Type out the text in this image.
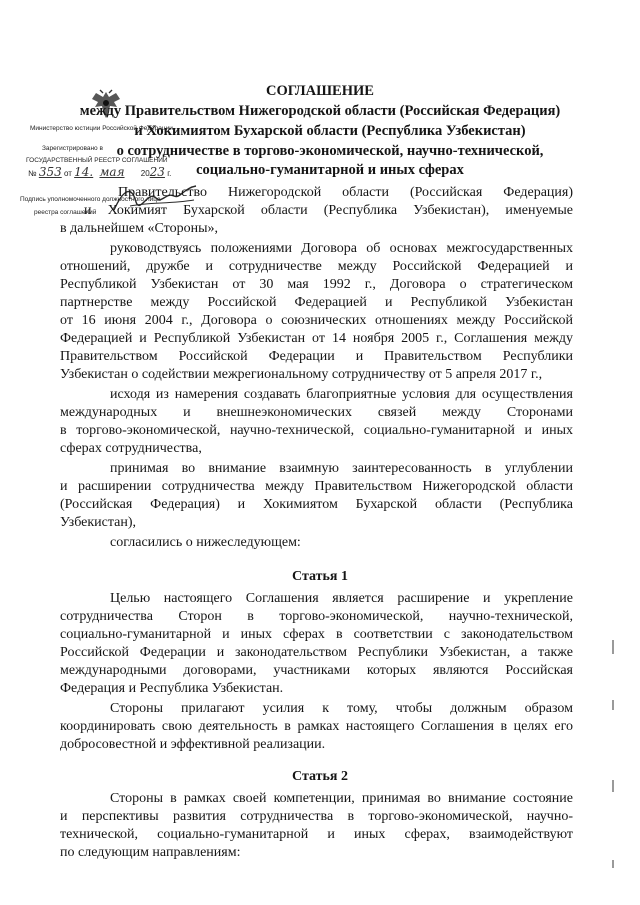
СОГЛАШЕНИЕ
между Правительством Нижегородской области (Российская Федерация)
и Хокимиятом Бухарской области (Республика Узбекистан)
о сотрудничестве в торгово-экономической, научно-технической,
социально-гуманитарной и иных сферах
Министерство юстиции Российской Федерации
Зарегистрировано в
ГОСУДАРСТВЕННЫЙ РЕЕСТР СОГЛАШЕНИЙ
№ 353 от 14. мая 2023 г.
Подпись уполномоченного должностного лица
реестра соглашений
Правительство Нижегородской области (Российская Федерация)
и Хокимият Бухарской области (Республика Узбекистан), именуемые
в дальнейшем «Стороны»,
руководствуясь положениями Договора об основах межгосударственных
отношений, дружбе и сотрудничестве между Российской Федерацией и
Республикой Узбекистан от 30 мая 1992 г., Договора о стратегическом
партнерстве между Российской Федерацией и Республикой Узбекистан
от 16 июня 2004 г., Договора о союзнических отношениях между Российской
Федерацией и Республикой Узбекистан от 14 ноября 2005 г., Соглашения между
Правительством Российской Федерации и Правительством Республики
Узбекистан о содействии межрегиональному сотрудничеству от 5 апреля 2017 г.,
исходя из намерения создавать благоприятные условия для осуществления
международных и внешнеэкономических связей между Сторонами
в торгово-экономической, научно-технической, социально-гуманитарной и иных
сферах сотрудничества,
принимая во внимание взаимную заинтересованность в углублении
и расширении сотрудничества между Правительством Нижегородской области
(Российская Федерация) и Хокимиятом Бухарской области (Республика
Узбекистан),
согласились о нижеследующем:
Статья 1
Целью настоящего Соглашения является расширение и укрепление
сотрудничества Сторон в торгово-экономической, научно-технической,
социально-гуманитарной и иных сферах в соответствии с законодательством
Российской Федерации и законодательством Республики Узбекистан, а также
международными договорами, участниками которых являются Российская
Федерация и Республика Узбекистан.
Стороны прилагают усилия к тому, чтобы должным образом
координировать свою деятельность в рамках настоящего Соглашения в целях его
добросовестной и эффективной реализации.
Статья 2
Стороны в рамках своей компетенции, принимая во внимание состояние
и перспективы развития сотрудничества в торгово-экономической, научно-
технической, социально-гуманитарной и иных сферах, взаимодействуют
по следующим направлениям:
